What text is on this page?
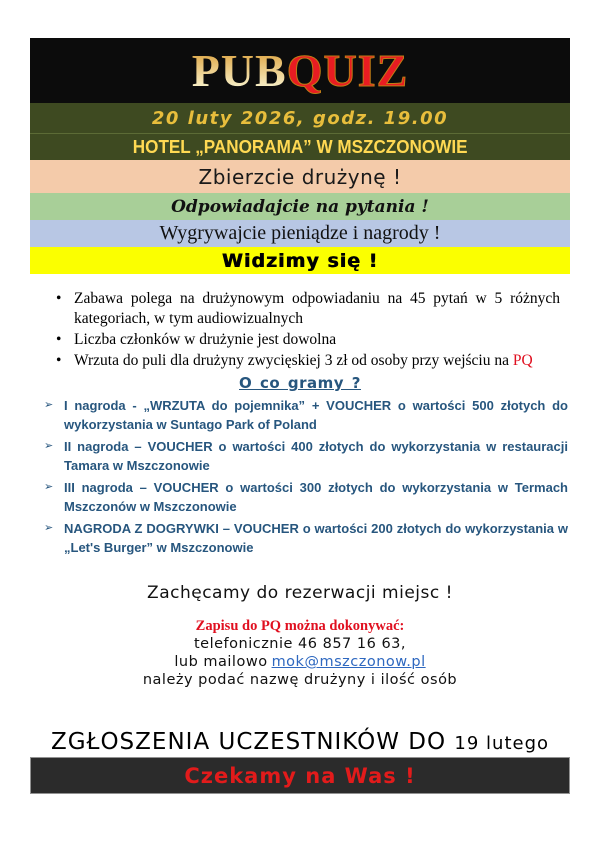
PUBQUIZ
20 luty 2026, godz. 19.00
HOTEL „PANORAMA” W MSZCZONOWIE
Zbierzcie drużynę !
Odpowiadajcie na pytania !
Wygrywajcie pieniądze i nagrody !
Widzimy się !
• Zabawa polega na drużynowym odpowiadaniu na 45 pytań w 5 różnych kategoriach, w tym audiowizualnych
• Liczba członków w drużynie jest dowolna
• Wrzuta do puli dla drużyny zwycięskiej 3 zł od osoby przy wejściu na PQ
O co gramy ?
➢ I nagroda - „WRZUTA do pojemnika” + VOUCHER o wartości 500 złotych do wykorzystania w Suntago Park of Poland
➢ II nagroda – VOUCHER o wartości 400 złotych do wykorzystania w restauracji Tamara w Mszczonowie
➢ III nagroda – VOUCHER o wartości 300 złotych do wykorzystania w Termach Mszczonów w Mszczonowie
➢ NAGRODA Z DOGRYWKI – VOUCHER o wartości 200 złotych do wykorzystania w „Let's Burger” w Mszczonowie
Zachęcamy do rezerwacji miejsc !
Zapisu do PQ można dokonywać:
telefonicznie 46 857 16 63,
lub mailowo mok@mszczonow.pl
należy podać nazwę drużyny i ilość osób
ZGŁOSZENIA UCZESTNIKÓW DO 19 lutego
Czekamy na Was !
